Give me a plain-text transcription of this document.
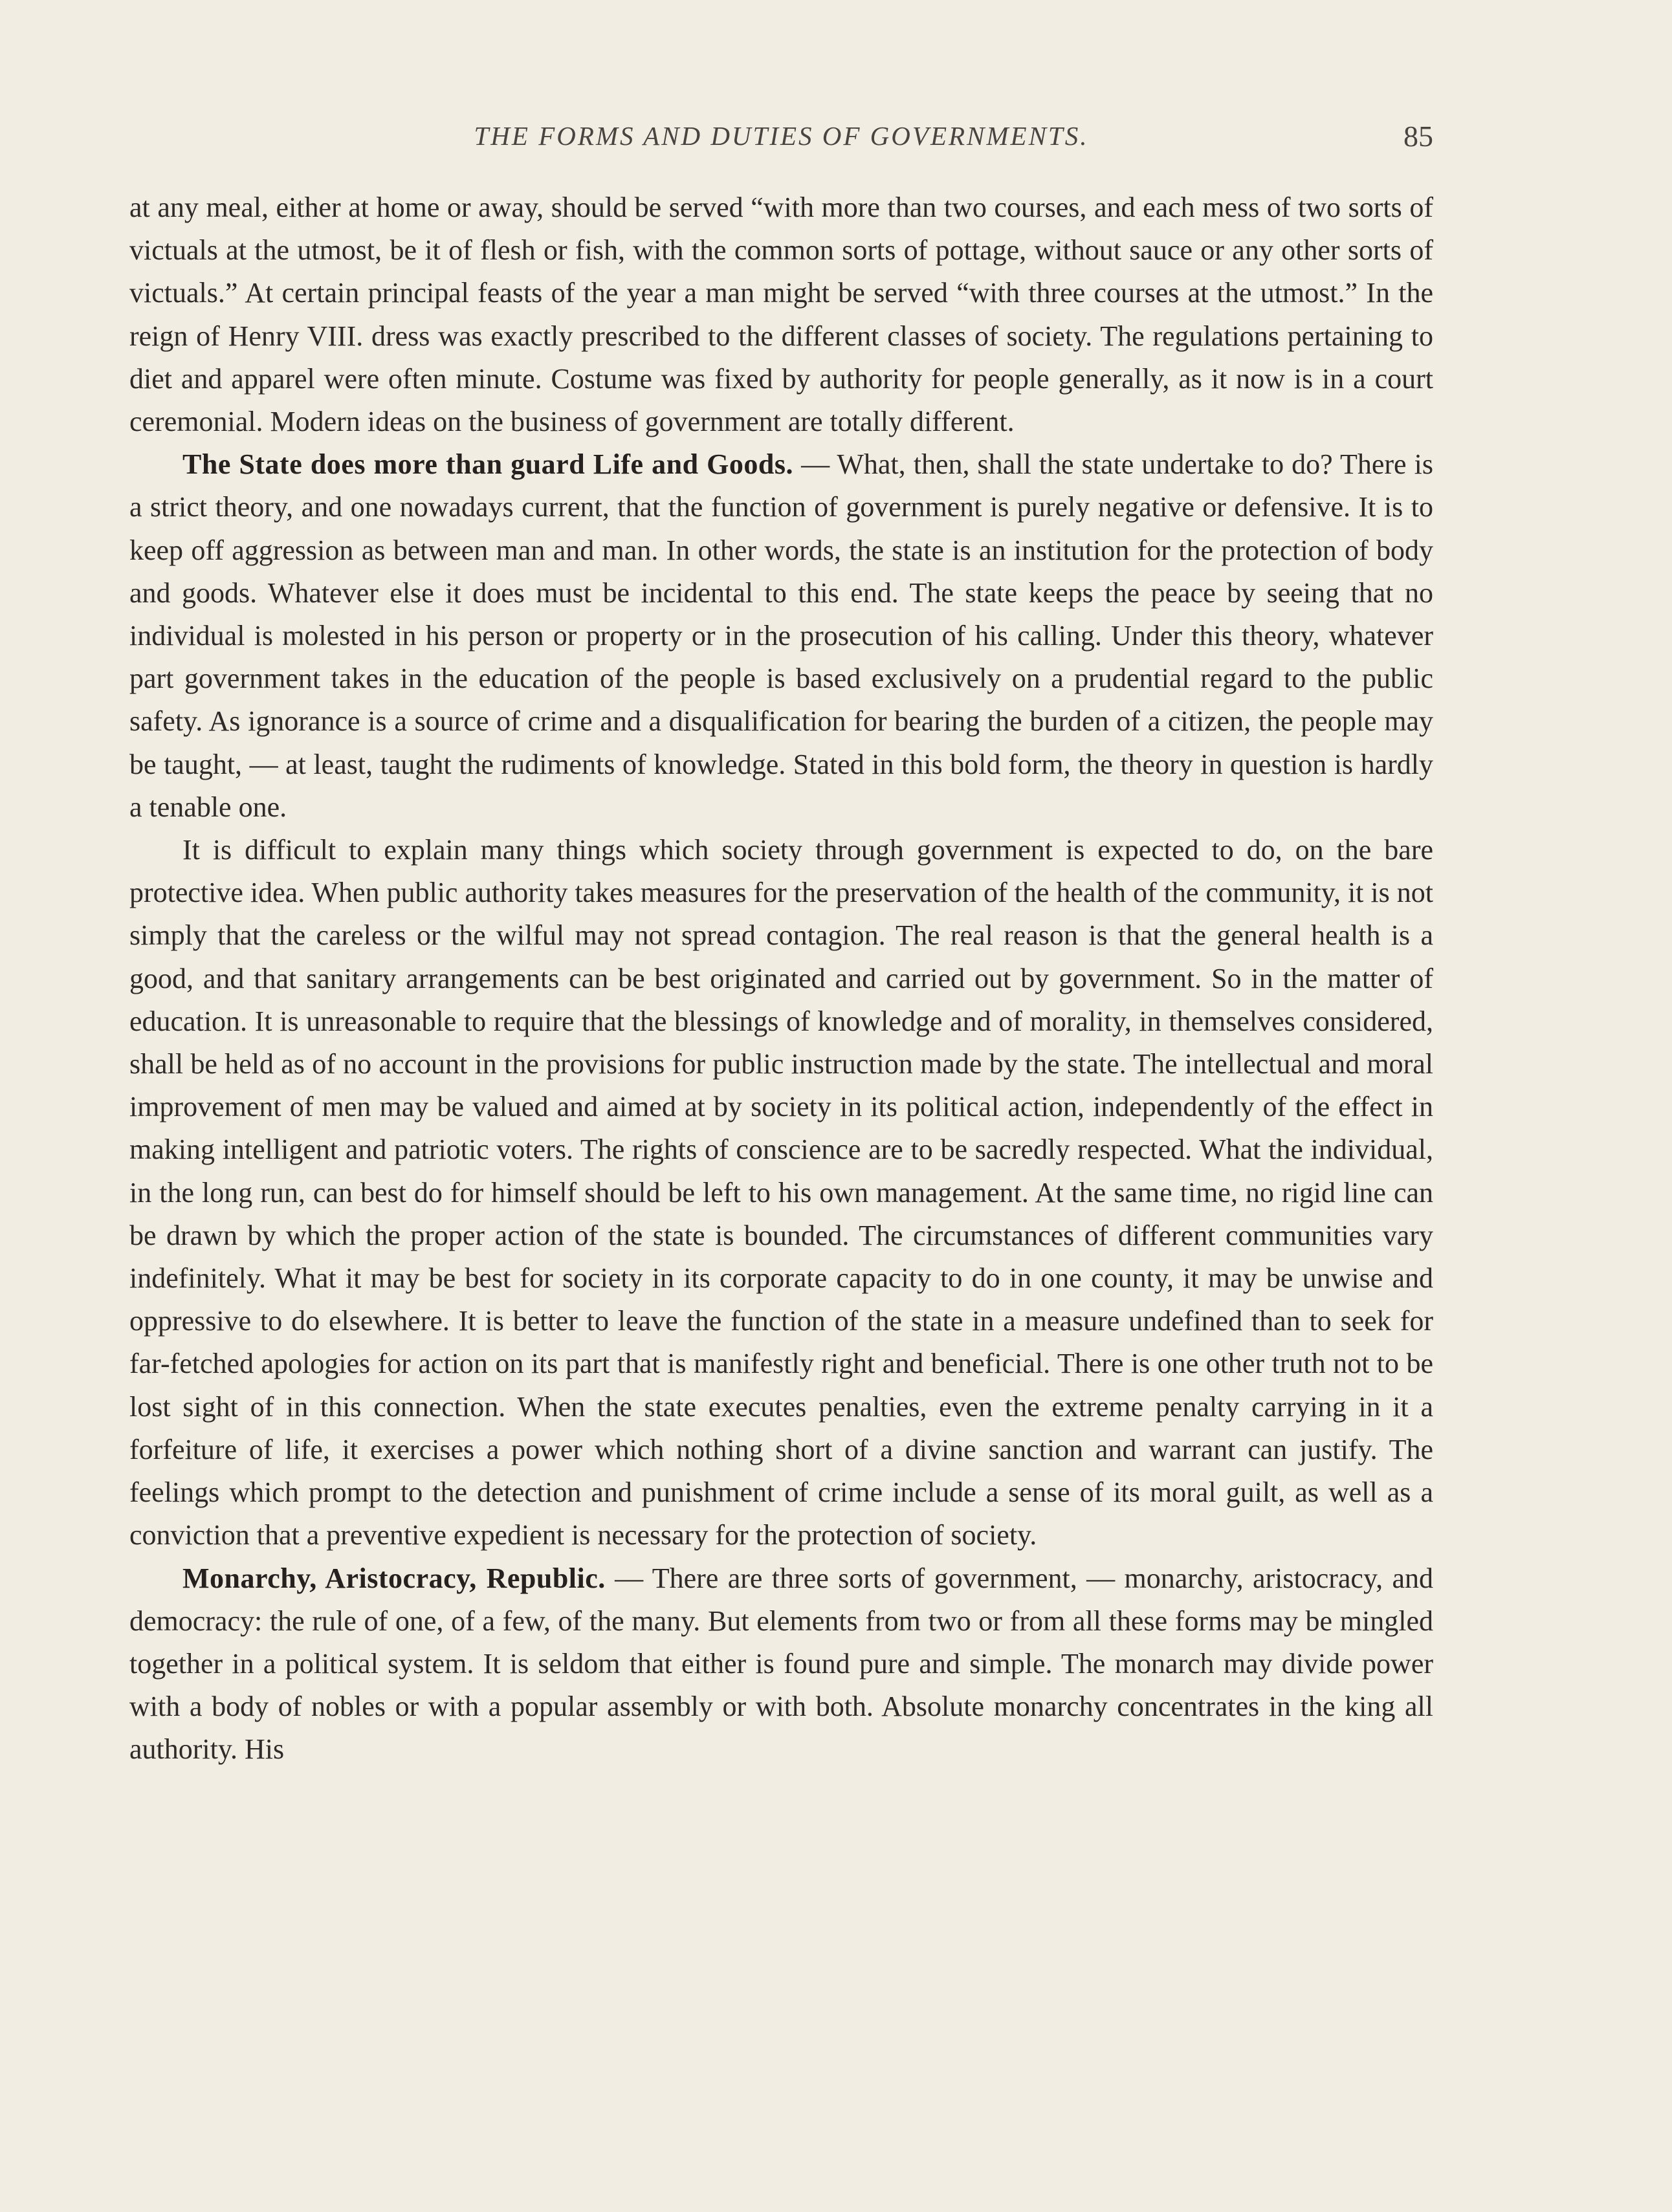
THE FORMS AND DUTIES OF GOVERNMENTS.	85

at any meal, either at home or away, should be served “with more than two courses, and each mess of two sorts of victuals at the utmost, be it of flesh or fish, with the common sorts of pottage, without sauce or any other sorts of victuals.” At certain principal feasts of the year a man might be served “with three courses at the utmost.” In the reign of Henry VIII. dress was exactly prescribed to the different classes of society. The regulations pertaining to diet and apparel were often minute. Costume was fixed by authority for people generally, as it now is in a court ceremonial. Modern ideas on the business of government are totally different.

The State does more than guard Life and Goods. — What, then, shall the state undertake to do? There is a strict theory, and one nowadays current, that the function of government is purely negative or defensive. It is to keep off aggression as between man and man. In other words, the state is an institution for the protection of body and goods. Whatever else it does must be incidental to this end. The state keeps the peace by seeing that no individual is molested in his person or property or in the prosecution of his calling. Under this theory, whatever part government takes in the education of the people is based exclusively on a prudential regard to the public safety. As ignorance is a source of crime and a disqualification for bearing the burden of a citizen, the people may be taught, — at least, taught the rudiments of knowledge. Stated in this bold form, the theory in question is hardly a tenable one.

It is difficult to explain many things which society through government is expected to do, on the bare protective idea. When public authority takes measures for the preservation of the health of the community, it is not simply that the careless or the wilful may not spread contagion. The real reason is that the general health is a good, and that sanitary arrangements can be best originated and carried out by government. So in the matter of education. It is unreasonable to require that the blessings of knowledge and of morality, in themselves considered, shall be held as of no account in the provisions for public instruction made by the state. The intellectual and moral improvement of men may be valued and aimed at by society in its political action, independently of the effect in making intelligent and patriotic voters. The rights of conscience are to be sacredly respected. What the individual, in the long run, can best do for himself should be left to his own management. At the same time, no rigid line can be drawn by which the proper action of the state is bounded. The circumstances of different communities vary indefinitely. What it may be best for society in its corporate capacity to do in one county, it may be unwise and oppressive to do elsewhere. It is better to leave the function of the state in a measure undefined than to seek for far-fetched apologies for action on its part that is manifestly right and beneficial. There is one other truth not to be lost sight of in this connection. When the state executes penalties, even the extreme penalty carrying in it a forfeiture of life, it exercises a power which nothing short of a divine sanction and warrant can justify. The feelings which prompt to the detection and punishment of crime include a sense of its moral guilt, as well as a conviction that a preventive expedient is necessary for the protection of society.

Monarchy, Aristocracy, Republic. — There are three sorts of government, — monarchy, aristocracy, and democracy: the rule of one, of a few, of the many. But elements from two or from all these forms may be mingled together in a political system. It is seldom that either is found pure and simple. The monarch may divide power with a body of nobles or with a popular assembly or with both. Absolute monarchy concentrates in the king all authority. His
